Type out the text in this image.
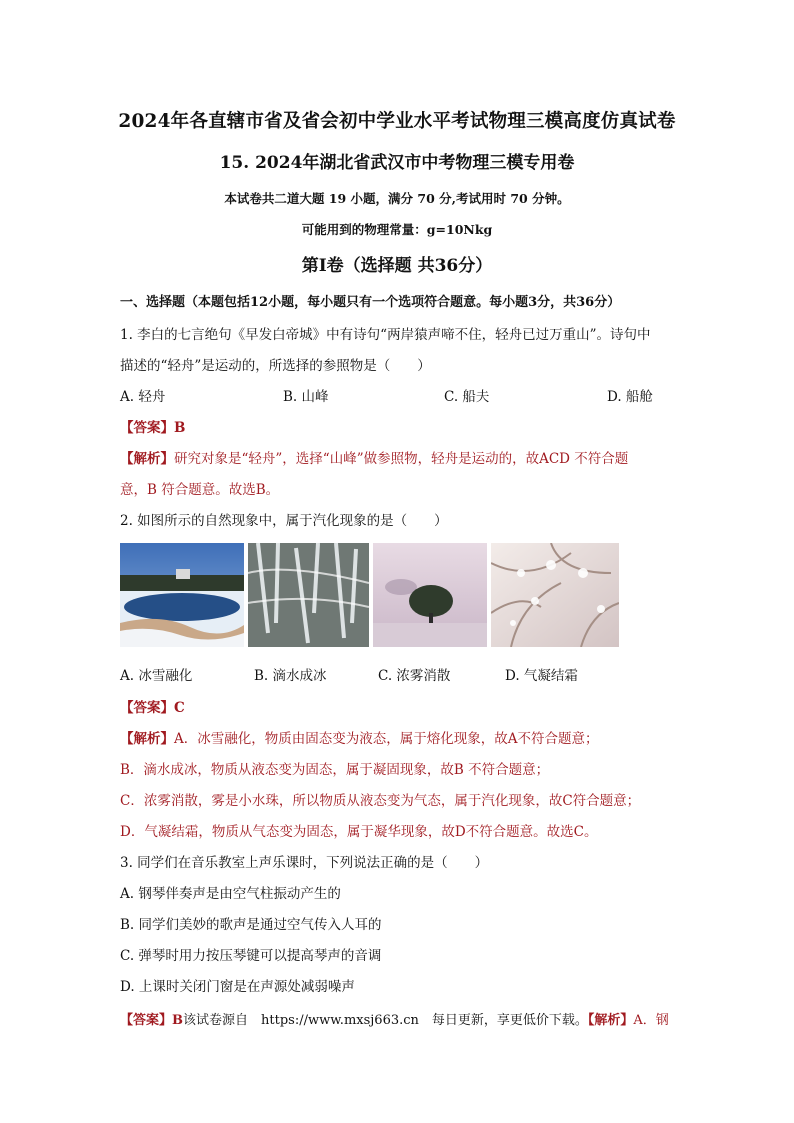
2024年各直辖市省及省会初中学业水平考试物理三模高度仿真试卷
15. 2024年湖北省武汉市中考物理三模专用卷
本试卷共二道大题 19 小题，满分 70 分,考试用时 70 分钟。
可能用到的物理常量：g=10Nkg
第Ⅰ卷（选择题 共36分）
一、选择题（本题包括12小题，每小题只有一个选项符合题意。每小题3分，共36分）
1. 李白的七言绝句《早发白帝城》中有诗句“两岸猿声啼不住，轻舟已过万重山”。诗句中
描述的“轻舟”是运动的，所选择的参照物是（　　）
A. 轻舟	B. 山峰	C. 船夫	D. 船舱
【答案】B
【解析】研究对象是“轻舟”，选择“山峰”做参照物，轻舟是运动的，故ACD 不符合题
意，B 符合题意。故选B。
2. 如图所示的自然现象中，属于汽化现象的是（　　）
A. 冰雪融化	B. 滴水成冰	C. 浓雾消散	D. 气凝结霜
【答案】C
【解析】A．冰雪融化，物质由固态变为液态，属于熔化现象，故A不符合题意；
B．滴水成冰，物质从液态变为固态，属于凝固现象，故B 不符合题意；
C．浓雾消散，雾是小水珠，所以物质从液态变为气态，属于汽化现象，故C符合题意；
D．气凝结霜，物质从气态变为固态，属于凝华现象，故D不符合题意。故选C。
3. 同学们在音乐教室上声乐课时，下列说法正确的是（　　）
A. 钢琴伴奏声是由空气柱振动产生的
B. 同学们美妙的歌声是通过空气传入人耳的
C. 弹琴时用力按压琴键可以提高琴声的音调
D. 上课时关闭门窗是在声源处减弱噪声
【答案】B该试卷源自　https://www.mxsj663.cn　每日更新，享更低价下载。【解析】A．钢
